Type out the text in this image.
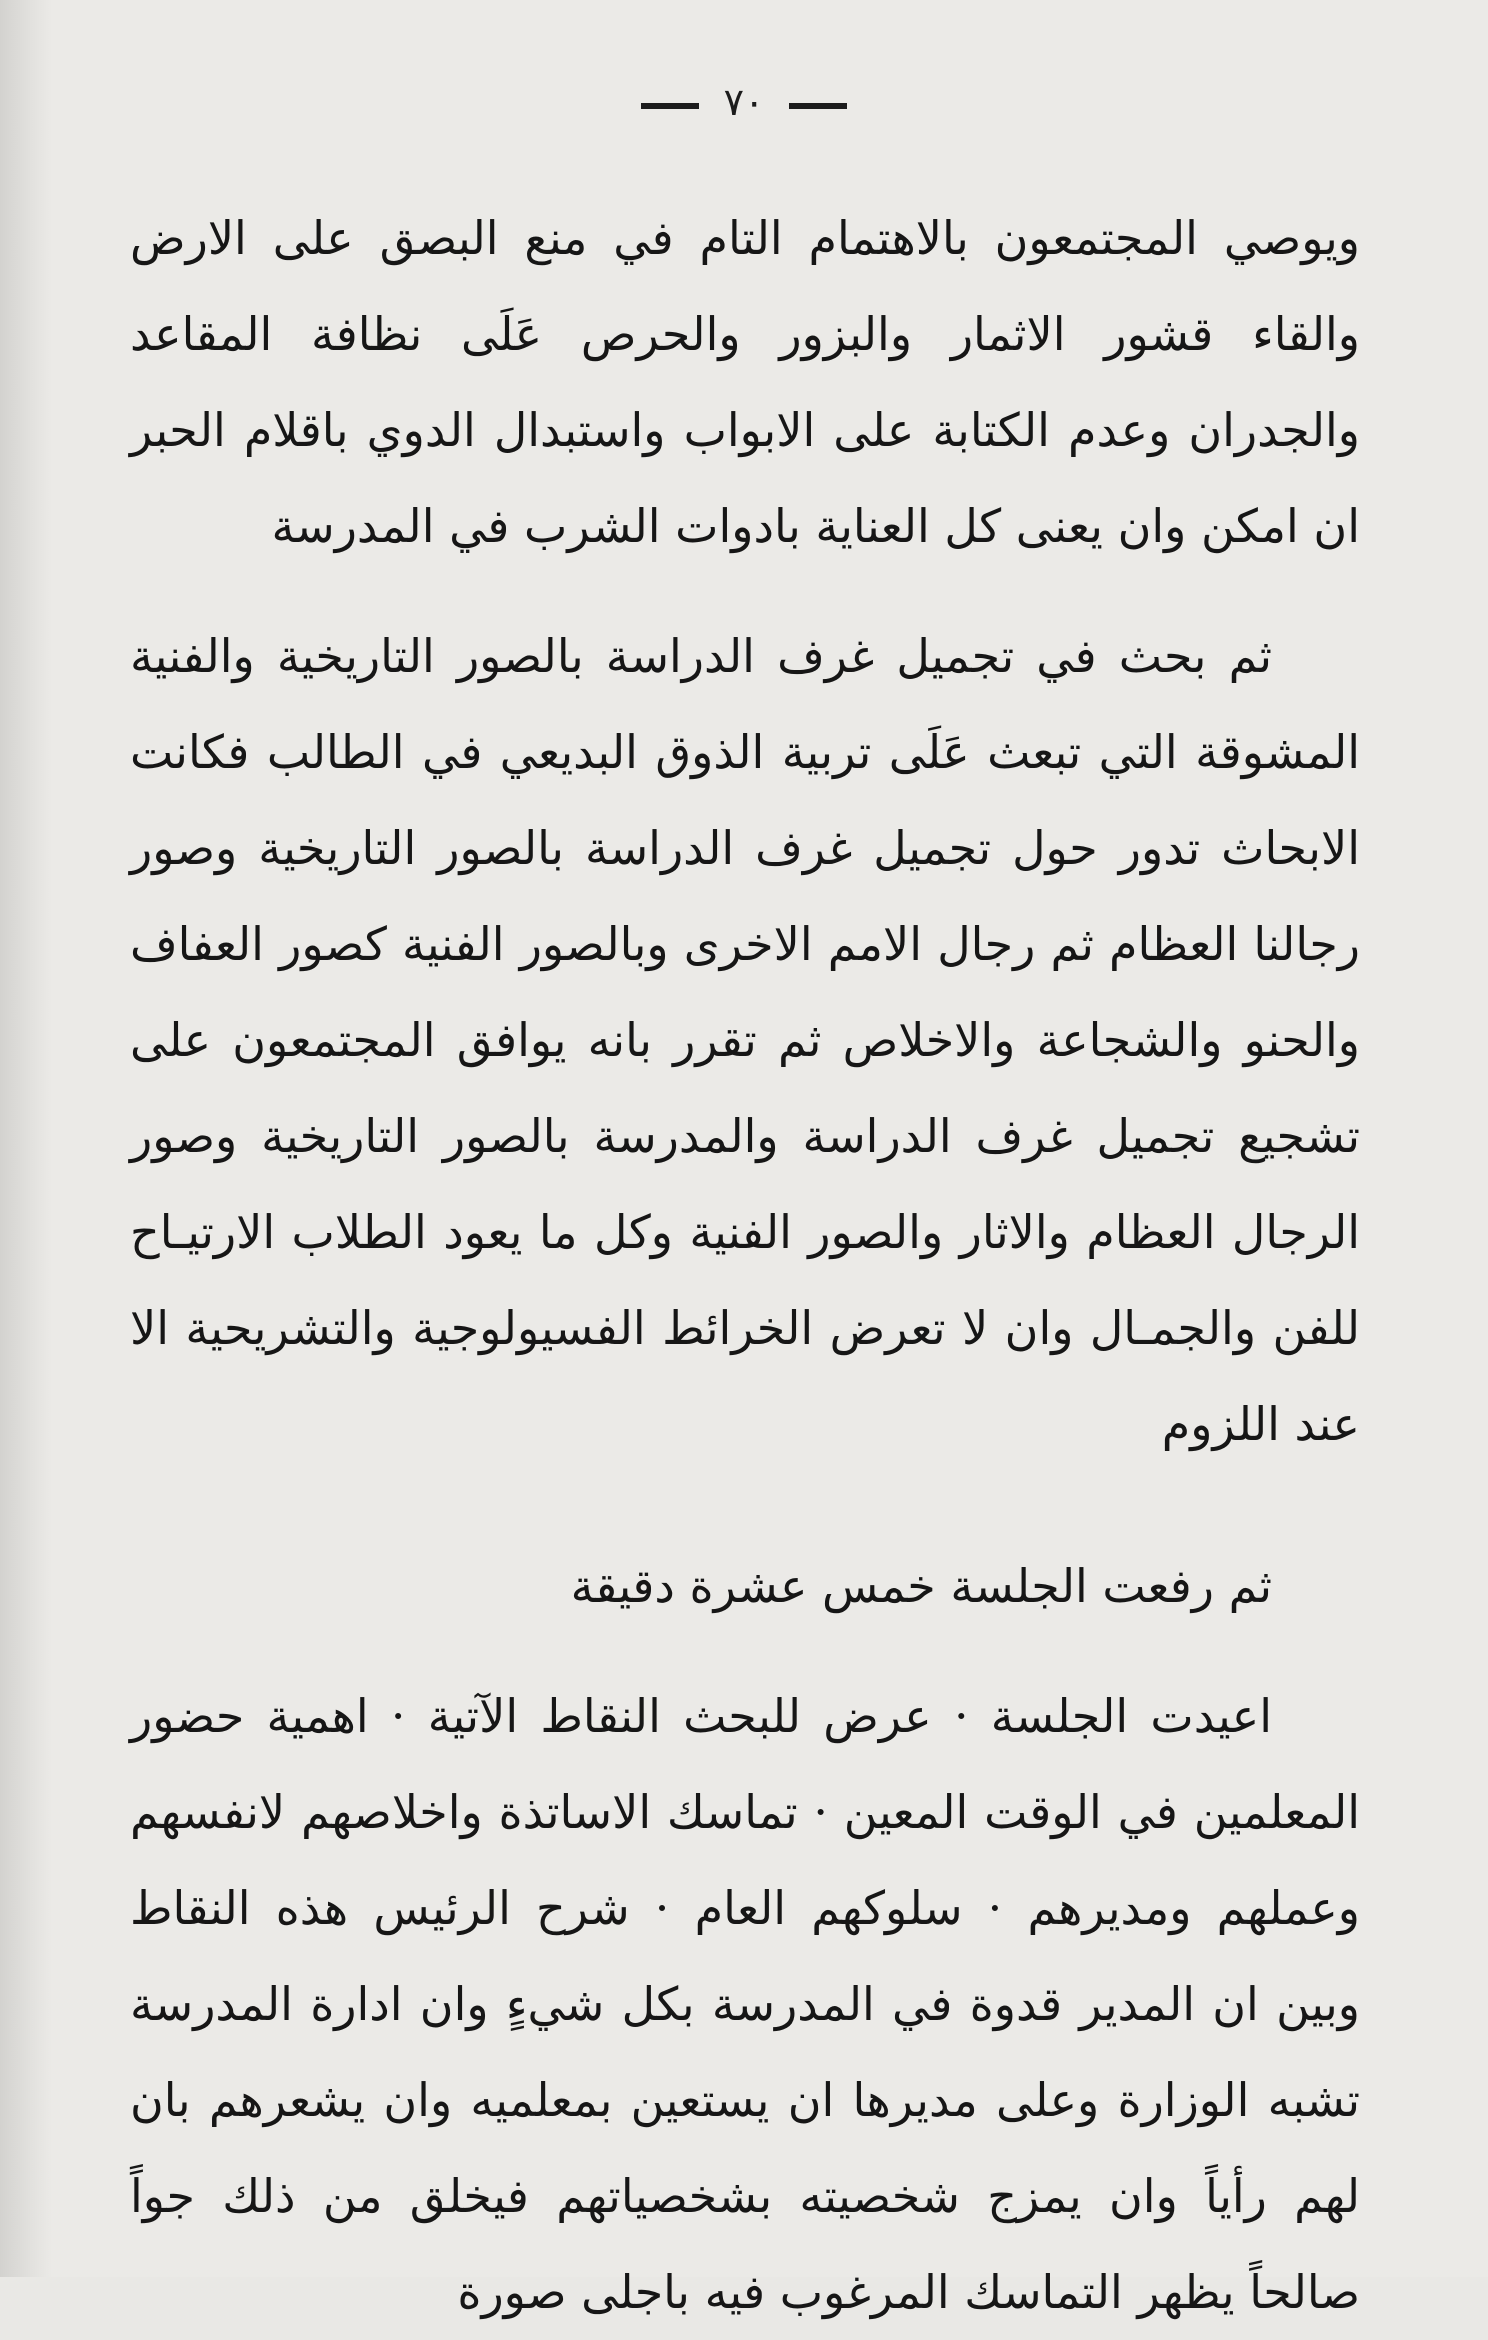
٧٠

ويوصي المجتمعون بالاهتمام التام في منع البصق على الارض والقاء قشور الاثمار والبزور والحرص عَلَى نظافة المقاعد والجدران وعدم الكتابة على الابواب واستبدال الدوي باقلام الحبر ان امكن وان يعنى كل العناية بادوات الشرب في المدرسة

ثم بحث في تجميل غرف الدراسة بالصور التاريخية والفنية المشوقة التي تبعث عَلَى تربية الذوق البديعي في الطالب فكانت الابحاث تدور حول تجميل غرف الدراسة بالصور التاريخية وصور رجالنا العظام ثم رجال الامم الاخرى وبالصور الفنية كصور العفاف والحنو والشجاعة والاخلاص ثم تقرر بانه يوافق المجتمعون على تشجيع تجميل غرف الدراسة والمدرسة بالصور التاريخية وصور الرجال العظام والاثار والصور الفنية وكل ما يعود الطلاب الارتيـاح للفن والجمـال وان لا تعرض الخرائط الفسيولوجية والتشريحية الا عند اللزوم

ثم رفعت الجلسة خمس عشرة دقيقة

اعيدت الجلسة · عرض للبحث النقاط الآتية · اهمية حضور المعلمين في الوقت المعين · تماسك الاساتذة واخلاصهم لانفسهم وعملهم ومديرهم · سلوكهم العام · شرح الرئيس هذه النقاط وبين ان المدير قدوة في المدرسة بكل شيءٍ وان ادارة المدرسة تشبه الوزارة وعلى مديرها ان يستعين بمعلميه وان يشعرهم بان لهم رأياً وان يمزج شخصيته بشخصياتهم فيخلق من ذلك جواً صالحاً يظهر التماسك المرغوب فيه باجلى صورة
